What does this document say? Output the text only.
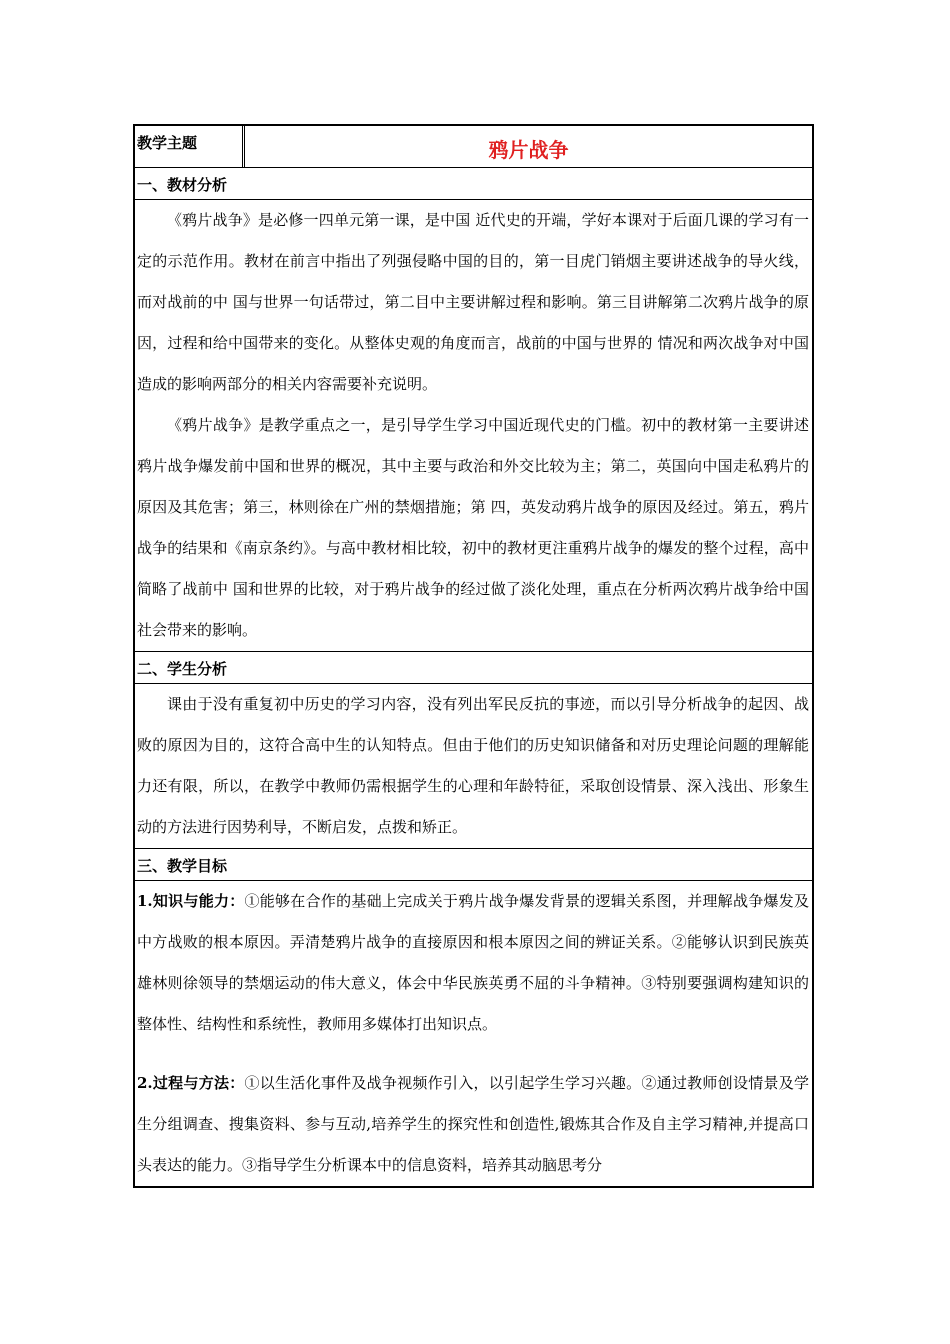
教学主题	鸦片战争
一、教材分析

《鸦片战争》是必修一四单元第一课，是中国 近代史的开端，学好本课对于后面几课的学习有一定的示范作用。教材在前言中指出了列强侵略中国的目的，第一目虎门销烟主要讲述战争的导火线，而对战前的中 国与世界一句话带过，第二目中主要讲解过程和影响。第三目讲解第二次鸦片战争的原因，过程和给中国带来的变化。从整体史观的角度而言，战前的中国与世界的 情况和两次战争对中国造成的影响两部分的相关内容需要补充说明。

《鸦片战争》是教学重点之一，是引导学生学习中国近现代史的门槛。初中的教材第一主要讲述鸦片战争爆发前中国和世界的概况，其中主要与政治和外交比较为主；第二，英国向中国走私鸦片的原因及其危害；第三，林则徐在广州的禁烟措施；第 四，英发动鸦片战争的原因及经过。第五，鸦片战争的结果和《南京条约》。与高中教材相比较，初中的教材更注重鸦片战争的爆发的整个过程，高中简略了战前中 国和世界的比较，对于鸦片战争的经过做了淡化处理，重点在分析两次鸦片战争给中国社会带来的影响。

二、学生分析

课由于没有重复初中历史的学习内容，没有列出军民反抗的事迹，而以引导分析战争的起因、战败的原因为目的，这符合高中生的认知特点。但由于他们的历史知识储备和对历史理论问题的理解能力还有限，所以，在教学中教师仍需根据学生的心理和年龄特征，采取创设情景、深入浅出、形象生动的方法进行因势利导，不断启发，点拨和矫正。

三、教学目标

1.知识与能力：①能够在合作的基础上完成关于鸦片战争爆发背景的逻辑关系图，并理解战争爆发及中方战败的根本原因。弄清楚鸦片战争的直接原因和根本原因之间的辨证关系。②能够认识到民族英雄林则徐领导的禁烟运动的伟大意义，体会中华民族英勇不屈的斗争精神。③特别要强调构建知识的整体性、结构性和系统性，教师用多媒体打出知识点。

2.过程与方法：①以生活化事件及战争视频作引入，以引起学生学习兴趣。②通过教师创设情景及学生分组调查、搜集资料、参与互动,培养学生的探究性和创造性,锻炼其合作及自主学习精神,并提高口头表达的能力。③指导学生分析课本中的信息资料，培养其动脑思考分
